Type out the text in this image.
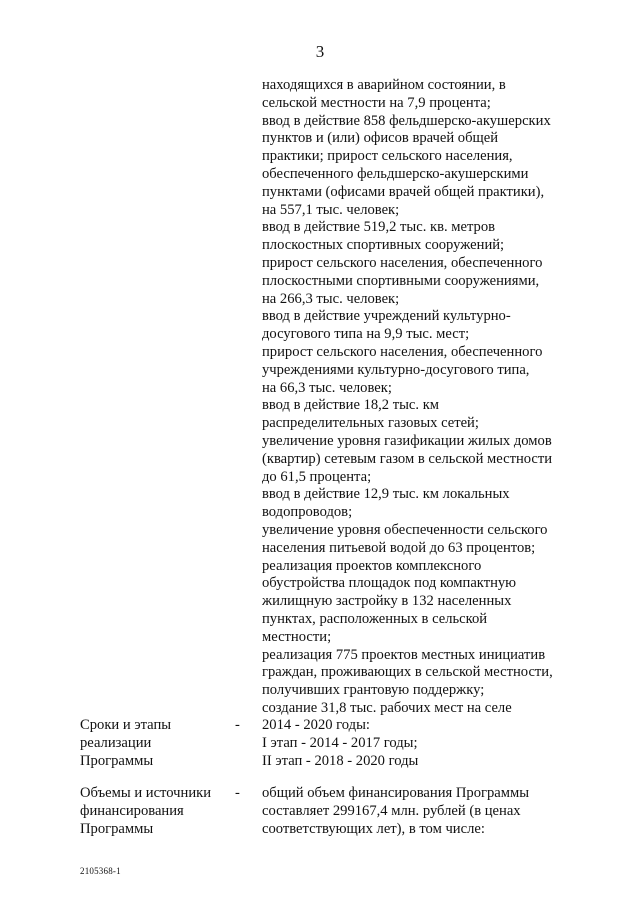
3
находящихся в аварийном состоянии, в
сельской местности на 7,9 процента;
ввод в действие 858 фельдшерско-акушерских
пунктов и (или) офисов врачей общей
практики; прирост сельского населения,
обеспеченного фельдшерско-акушерскими
пунктами (офисами врачей общей практики),
на 557,1 тыс. человек;
ввод в действие 519,2 тыс. кв. метров
плоскостных спортивных сооружений;
прирост сельского населения, обеспеченного
плоскостными спортивными сооружениями,
на 266,3 тыс. человек;
ввод в действие учреждений культурно-
досугового типа на 9,9 тыс. мест;
прирост сельского населения, обеспеченного
учреждениями культурно-досугового типа,
на 66,3 тыс. человек;
ввод в действие 18,2 тыс. км
распределительных газовых сетей;
увеличение уровня газификации жилых домов
(квартир) сетевым газом в сельской местности
до 61,5 процента;
ввод в действие 12,9 тыс. км локальных
водопроводов;
увеличение уровня обеспеченности сельского
населения питьевой водой до 63 процентов;
реализация проектов комплексного
обустройства площадок под компактную
жилищную застройку в 132 населенных
пунктах, расположенных в сельской
местности;
реализация 775 проектов местных инициатив
граждан, проживающих в сельской местности,
получивших грантовую поддержку;
создание 31,8 тыс. рабочих мест на селе
Сроки и этапы
реализации
Программы
- 2014 - 2020 годы:
I этап - 2014 - 2017 годы;
II этап - 2018 - 2020 годы
Объемы и источники
финансирования
Программы
- общий объем финансирования Программы
составляет 299167,4 млн. рублей (в ценах
соответствующих лет), в том числе:
2105368-1
